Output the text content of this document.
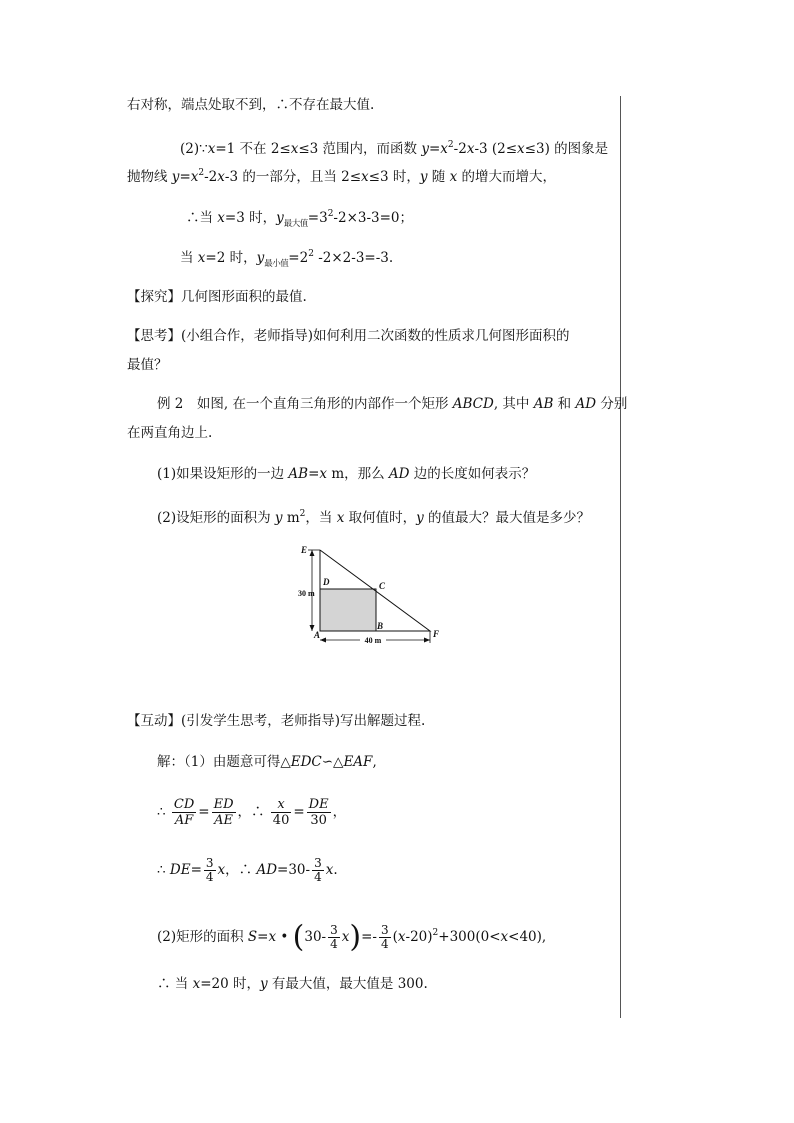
右对称，端点处取不到，∴不存在最大值.
(2)∵x=1 不在 2≤x≤3 范围内，而函数 $y=x^2-2x-3$ (2≤x≤3) 的图象是
抛物线 $y=x^2-2x-3$ 的一部分，且当 2≤x≤3 时，y 随 x 的增大而增大，
∴当 x=3 时，$y_{最大值}=3^2-2\times 3-3=0$；
当 x=2 时，$y_{最小值}=2^2$ -2×2-3=-3.
【探究】几何图形面积的最值.
【思考】(小组合作，老师指导)如何利用二次函数的性质求几何图形面积的
最值？
例 2　如图, 在一个直角三角形的内部作一个矩形 ABCD, 其中 AB 和 AD 分别
在两直角边上.
(1)如果设矩形的一边 AB=x m，那么 AD 边的长度如何表示？
(2)设矩形的面积为 y $m^2$，当 x 取何值时，y 的值最大？最大值是多少？
E
D	C
A
B
F
30 m
40 m
【互动】(引发学生思考，老师指导)写出解题过程.
解：（1）由题意可得△EDC∽△EAF,
∴ $\frac{CD}{AF} = \frac{ED}{AE}$ ，∴ $\frac{x}{40} = \frac{DE}{30}$ ，
∴ $DE= \frac{3}{4}$ x，∴ $AD=30- \frac{3}{4} x$.
(2)矩形的面积 S=x • $(30- \frac{3}{4} x)=- \frac{3}{4} (x-20)^2+300(0<x<40)$,
∴ 当 x=20 时，y 有最大值，最大值是 300.
